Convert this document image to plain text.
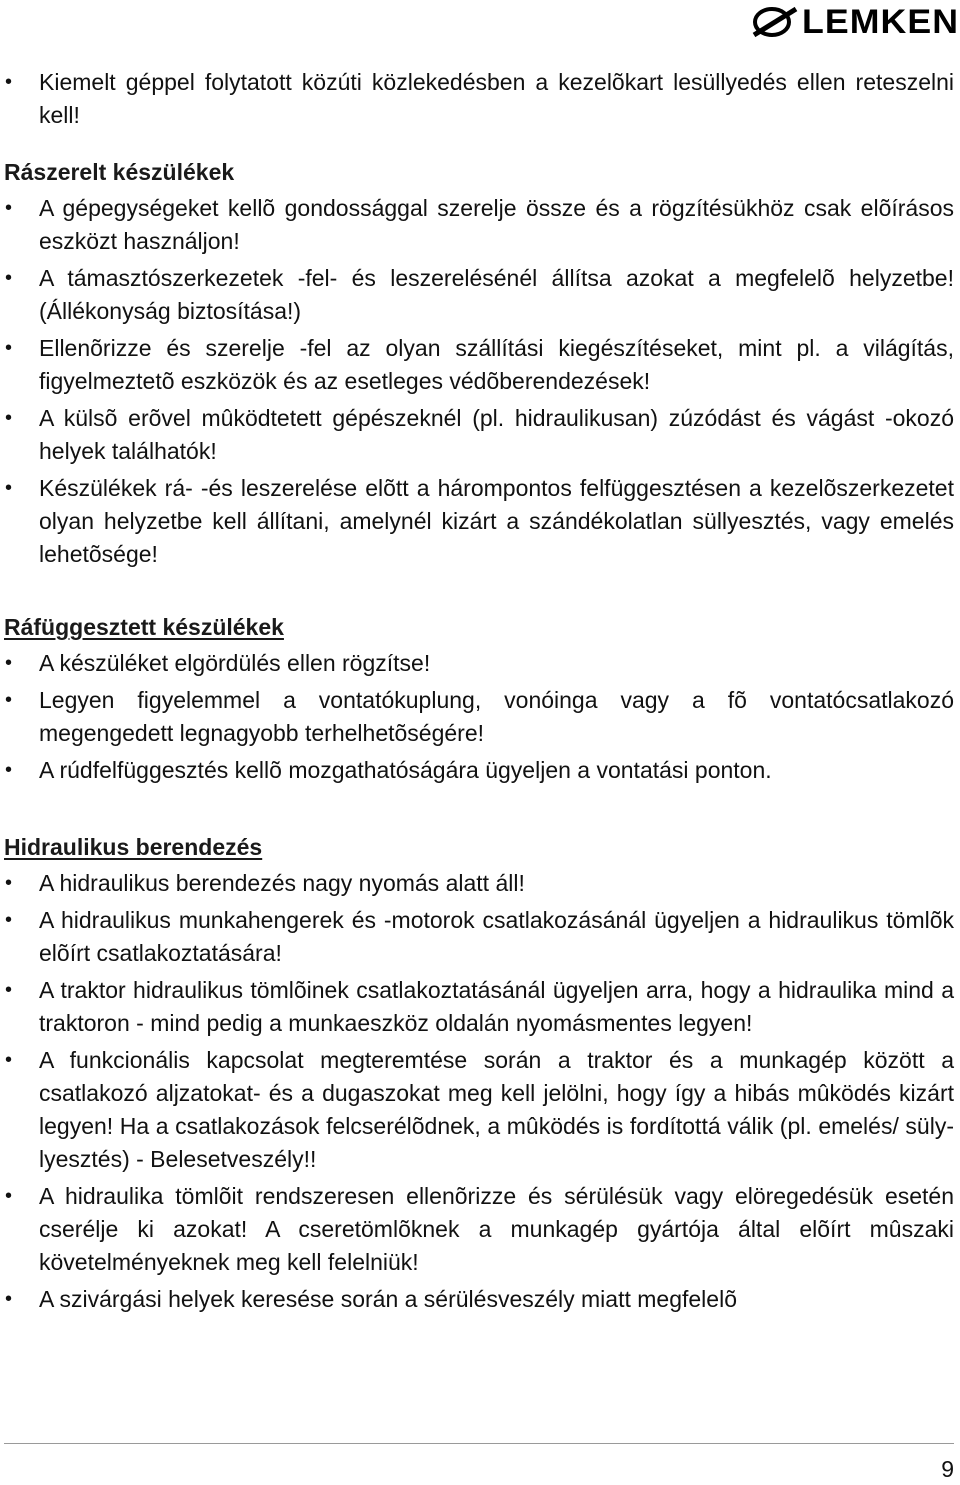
LEMKEN
• Kiemelt géppel folytatott közúti közlekedésben a kezelõkart lesüllyedés ellen reteszelni kell!
Rászerelt készülékek
• A gépegységeket kellõ gondossággal szerelje össze és a rögzítésükhöz csak elõírásos eszközt használjon!
• A támasztószerkezetek -fel- és leszerelésénél állítsa azokat a megfelelõ helyzetbe! (Állékonyság biztosítása!)
• Ellenõrizze és szerelje -fel az olyan szállítási kiegészítéseket, mint pl. a világítás, figyelmeztetõ eszközök és az esetleges védõberendezések!
• A külsõ erõvel mûködtetett gépészeknél (pl. hidraulikusan) zúzódást és vágást -okozó helyek találhatók!
• Készülékek rá- -és leszerelése elõtt a hárompontos felfüggesztésen a kezelõszerkezetet olyan helyzetbe kell állítani, amelynél kizárt a szándékolatlan süllyesztés, vagy emelés lehetõsége!
Ráfüggesztett készülékek
• A készüléket elgördülés ellen rögzítse!
• Legyen figyelemmel a vontatókuplung, vonóinga vagy a fõ vontatócsatlakozó megengedett legnagyobb terhelhetõségére!
• A rúdfelfüggesztés kellõ mozgathatóságára ügyeljen a vontatási ponton.
Hidraulikus berendezés
• A hidraulikus berendezés nagy nyomás alatt áll!
• A hidraulikus munkahengerek és -motorok csatlakozásánál ügyeljen a hidraulikus tömlõk elõírt csatlakoztatására!
• A traktor hidraulikus tömlõinek csatlakoztatásánál ügyeljen arra, hogy a hidraulika mind a traktoron - mind pedig a munkaeszköz oldalán nyomásmentes legyen!
• A funkcionális kapcsolat megteremtése során a traktor és a munkagép között a csatlakozó aljzatokat- és a dugaszokat meg kell jelölni, hogy így a hibás mûködés kizárt legyen! Ha a csatlakozások felcserélõdnek, a mûködés is fordítottá válik (pl. emelés/ süly-lyesztés) - Belesetveszély!!
• A hidraulika tömlõit rendszeresen ellenõrizze és sérülésük vagy elöregedésük esetén cserélje ki azokat! A cseretömlõknek a munkagép gyártója által elõírt mûszaki követelményeknek meg kell felelniük!
• A szivárgási helyek keresése során a sérülésveszély miatt megfelelõ
9
